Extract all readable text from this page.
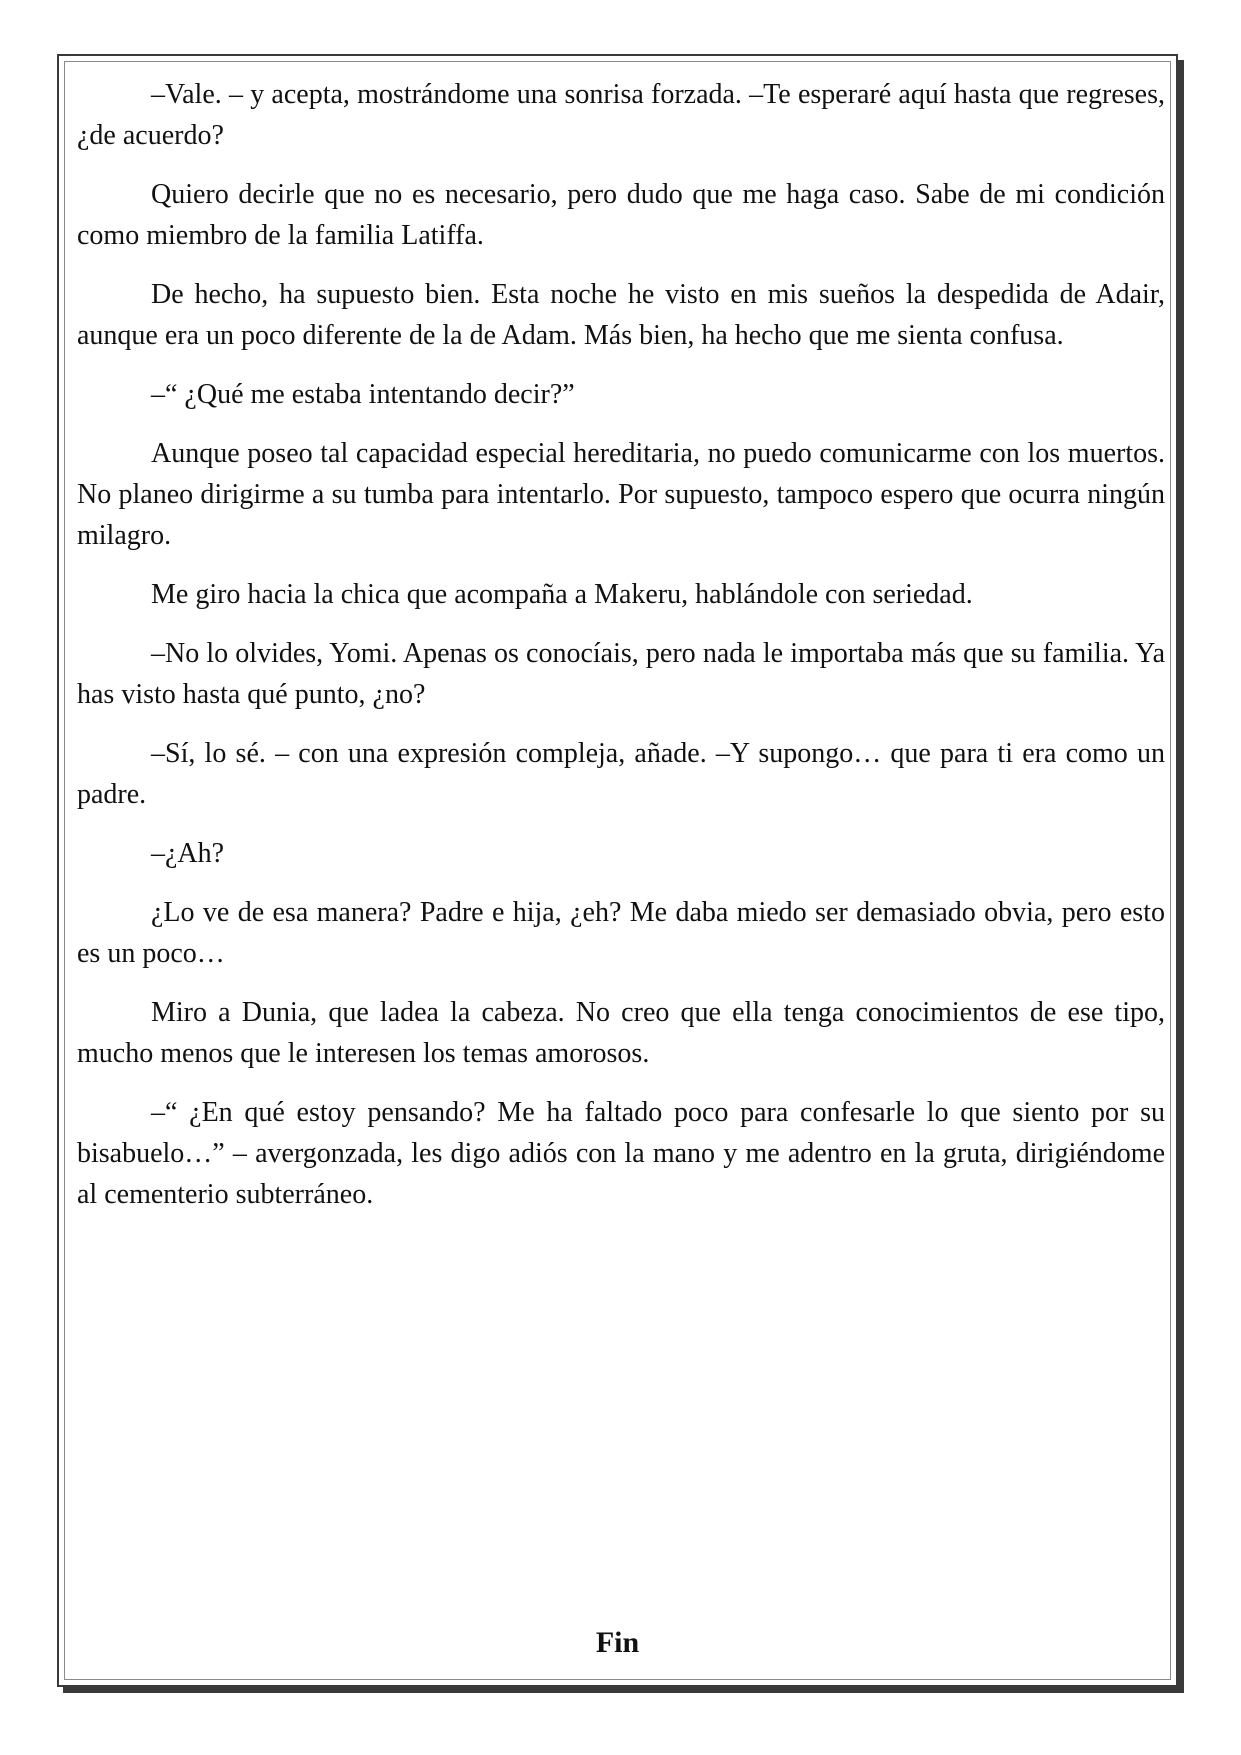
–Vale. – y acepta, mostrándome una sonrisa forzada. –Te esperaré aquí hasta que regreses, ¿de acuerdo?

Quiero decirle que no es necesario, pero dudo que me haga caso. Sabe de mi condición como miembro de la familia Latiffa.

De hecho, ha supuesto bien. Esta noche he visto en mis sueños la despedida de Adair, aunque era un poco diferente de la de Adam. Más bien, ha hecho que me sienta confusa.

–“ ¿Qué me estaba intentando decir?”

Aunque poseo tal capacidad especial hereditaria, no puedo comunicarme con los muertos. No planeo dirigirme a su tumba para intentarlo. Por supuesto, tampoco espero que ocurra ningún milagro.

Me giro hacia la chica que acompaña a Makeru, hablándole con seriedad.

–No lo olvides, Yomi. Apenas os conocíais, pero nada le importaba más que su familia. Ya has visto hasta qué punto, ¿no?

–Sí, lo sé. – con una expresión compleja, añade. –Y supongo… que para ti era como un padre.

–¿Ah?

¿Lo ve de esa manera? Padre e hija, ¿eh? Me daba miedo ser demasiado obvia, pero esto es un poco…

Miro a Dunia, que ladea la cabeza. No creo que ella tenga conocimientos de ese tipo, mucho menos que le interesen los temas amorosos.

–“ ¿En qué estoy pensando? Me ha faltado poco para confesarle lo que siento por su bisabuelo…” – avergonzada, les digo adiós con la mano y me adentro en la gruta, dirigiéndome al cementerio subterráneo.

Fin
